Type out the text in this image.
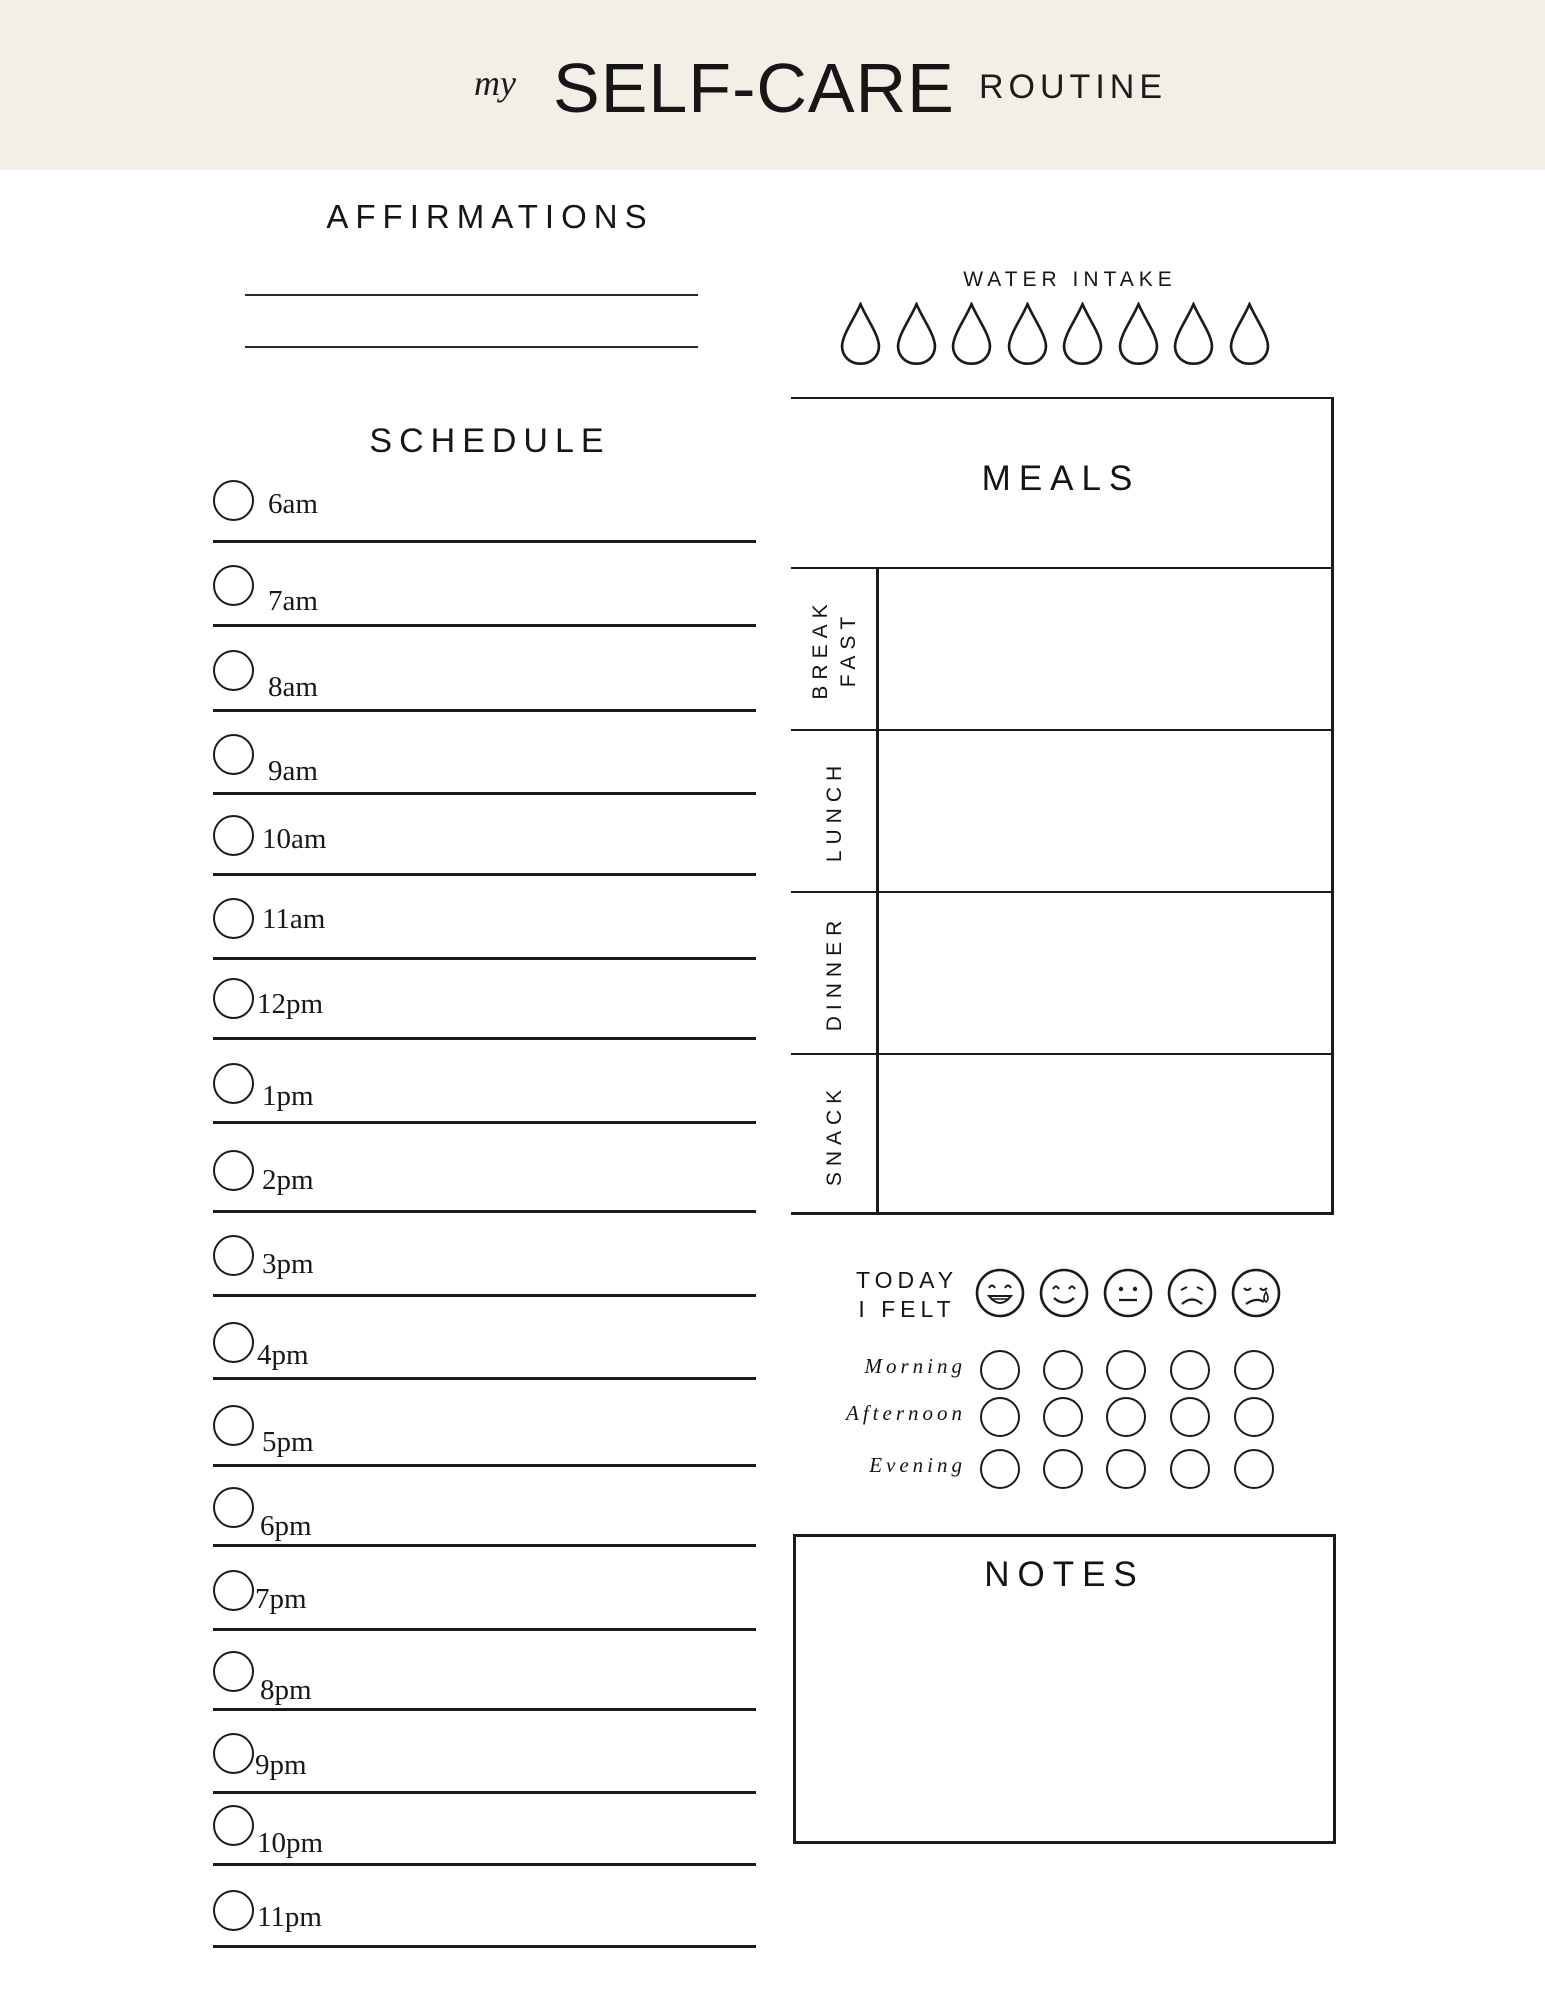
my SELF-CARE ROUTINE
AFFIRMATIONS
SCHEDULE
6am
7am
8am
9am
10am
11am
12pm
1pm
2pm
3pm
4pm
5pm
6pm
7pm
8pm
9pm
10pm
11pm
WATER INTAKE
MEALS
BREAKFAST
LUNCH
DINNER
SNACK
TODAY
I FELT
Morning
Afternoon
Evening
NOTES
